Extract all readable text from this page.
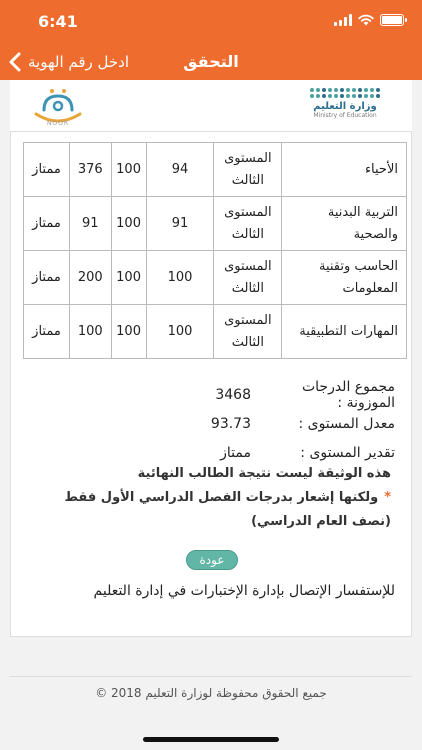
6:41
ادخل رقم الهوية	التحقق
وزارة التعليم
Ministry of Education
NOOR
الأحياء	المستوى الثالث	94	100	376	ممتاز
التربية البدنية والصحية	المستوى الثالث	91	100	91	ممتاز
الحاسب وتقنية المعلومات	المستوى الثالث	100	100	200	ممتاز
المهارات التطبيقية	المستوى الثالث	100	100	100	ممتاز
مجموع الدرجات الموزونة :
3468
معدل المستوى :
93.73
تقدير المستوى :
ممتاز
هذه الوثيقة ليست نتيجة الطالب النهائية
*ولكنها إشعار بدرجات الفصل الدراسي الأول فقط
(نصف العام الدراسي)
عودة
للإستفسار الإتصال بإدارة الإختبارات في إدارة التعليم
جميع الحقوق محفوظة لوزارة التعليم 2018 ©
